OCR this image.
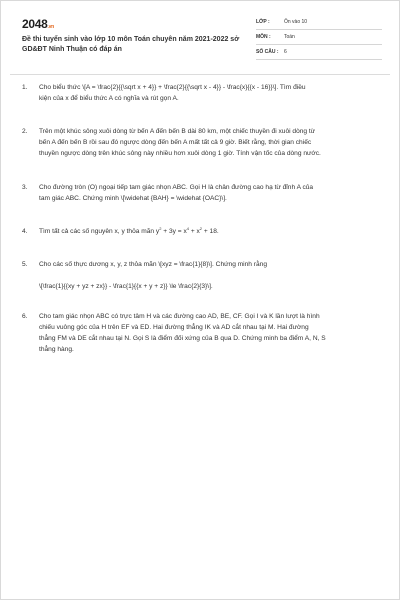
2048.vn
Đề thi tuyển sinh vào lớp 10 môn Toán chuyên năm 2021-2022 sở GD&ĐT Ninh Thuận có đáp án
LỚP :	Ôn vào 10
MÔN :	Toán
SỐ CÂU : 6
1. Cho biểu thức \[A = \frac{2}{{\sqrt x + 4}} + \frac{2}{{\sqrt x - 4}} - \frac{x}{{x - 16}}\]. Tìm điều
kiện của x để biểu thức A có nghĩa và rút gọn A.
2. Trên một khúc sông xuôi dòng từ bến A đến bến B dài 80 km, một chiếc thuyền đi xuôi dòng từ
bến A đến bến B rồi sau đó ngược dòng đến bến A mất tất cả 9 giờ. Biết rằng, thời gian chiếc
thuyền ngược dòng trên khúc sông này nhiều hơn xuôi dòng 1 giờ. Tính vận tốc của dòng nước.
3. Cho đường tròn (O) ngoại tiếp tam giác nhọn ABC. Gọi H là chân đường cao hạ từ đỉnh A của
tam giác ABC. Chứng minh \[\widehat {BAH} = \widehat {OAC}\].
4. Tìm tất cả các số nguyên x, y thỏa mãn $y^2 + 3y = x^4 + x^2 + 18$.
5. Cho các số thực dương x, y, z thỏa mãn \[xyz = \frac{1}{8}\]. Chứng minh rằng

\[\frac{1}{{xy + yz + zx}} - \frac{1}{{x + y + z}} \le \frac{2}{3}\].
6. Cho tam giác nhọn ABC có trực tâm H và các đường cao AD, BE, CF. Gọi I và K lần lượt là hình
chiếu vuông góc của H trên EF và ED. Hai đường thẳng IK và AD cắt nhau tại M. Hai đường
thẳng FM và DE cắt nhau tại N. Gọi S là điểm đối xứng của B qua D. Chứng minh ba điểm A, N, S
thẳng hàng.
